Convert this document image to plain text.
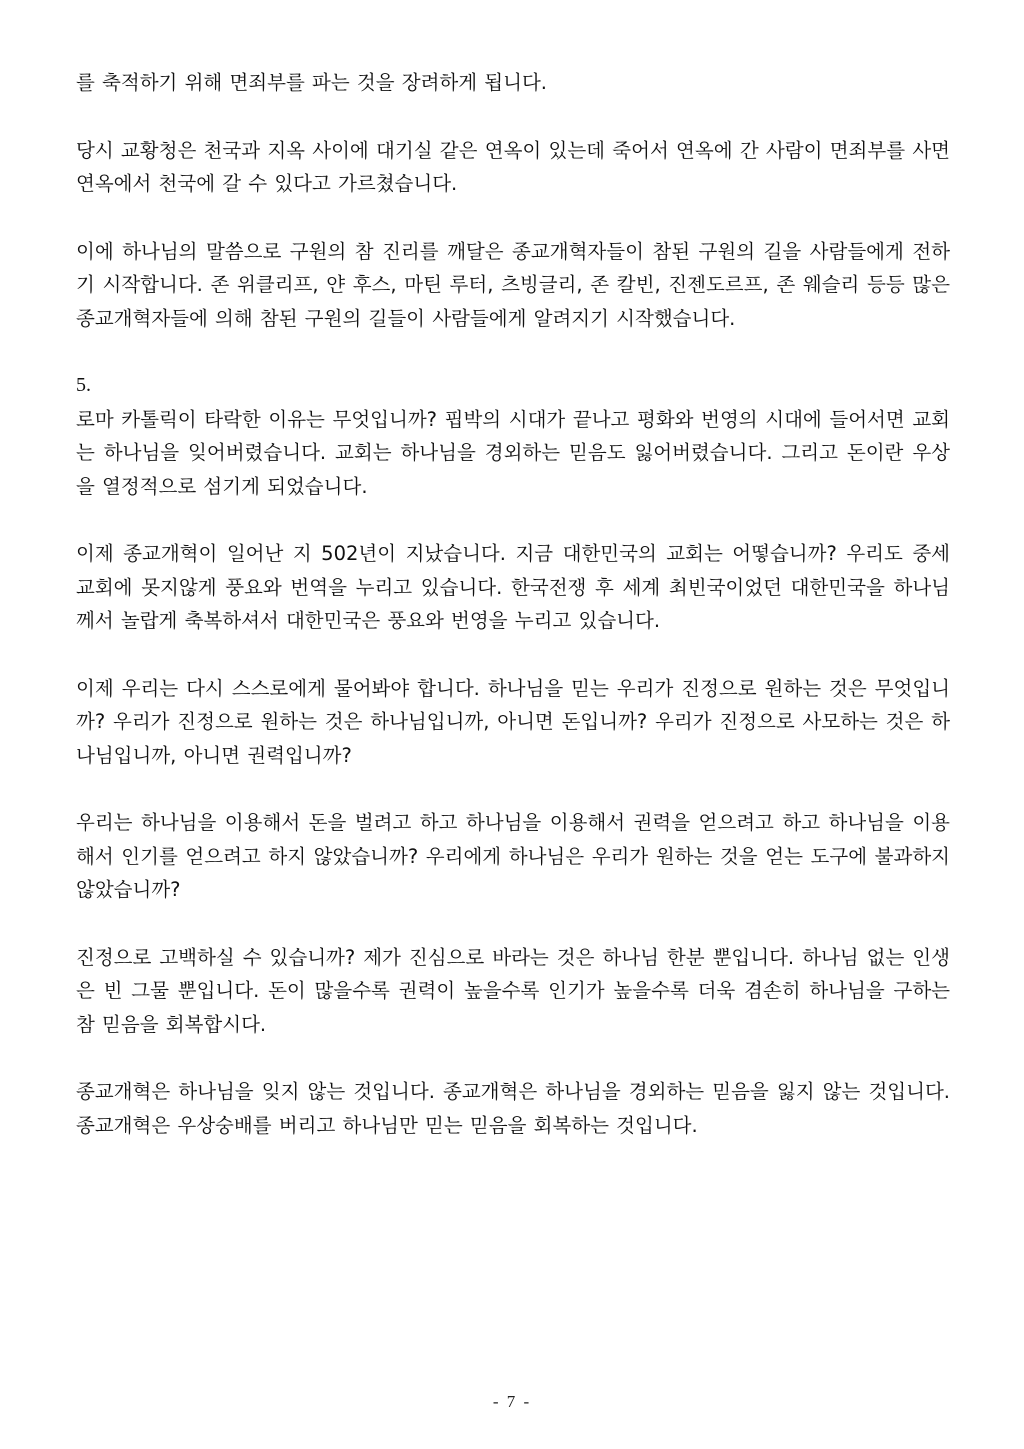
를 축적하기 위해 면죄부를 파는 것을 장려하게 됩니다.

당시 교황청은 천국과 지옥 사이에 대기실 같은 연옥이 있는데 죽어서 연옥에 간 사람이 면죄부를 사면 연옥에서 천국에 갈 수 있다고 가르쳤습니다.

이에 하나님의 말씀으로 구원의 참 진리를 깨달은 종교개혁자들이 참된 구원의 길을 사람들에게 전하기 시작합니다. 존 위클리프, 얀 후스, 마틴 루터, 츠빙글리, 존 칼빈, 진젠도르프, 존 웨슬리 등등 많은 종교개혁자들에 의해 참된 구원의 길들이 사람들에게 알려지기 시작했습니다.

5.

로마 카톨릭이 타락한 이유는 무엇입니까? 핍박의 시대가 끝나고 평화와 번영의 시대에 들어서면 교회는 하나님을 잊어버렸습니다. 교회는 하나님을 경외하는 믿음도 잃어버렸습니다. 그리고 돈이란 우상을 열정적으로 섬기게 되었습니다.

이제 종교개혁이 일어난 지 502년이 지났습니다. 지금 대한민국의 교회는 어떻습니까? 우리도 중세 교회에 못지않게 풍요와 번역을 누리고 있습니다. 한국전쟁 후 세계 최빈국이었던 대한민국을 하나님께서 놀랍게 축복하셔서 대한민국은 풍요와 번영을 누리고 있습니다.

이제 우리는 다시 스스로에게 물어봐야 합니다. 하나님을 믿는 우리가 진정으로 원하는 것은 무엇입니까? 우리가 진정으로 원하는 것은 하나님입니까, 아니면 돈입니까? 우리가 진정으로 사모하는 것은 하나님입니까, 아니면 권력입니까?

우리는 하나님을 이용해서 돈을 벌려고 하고 하나님을 이용해서 권력을 얻으려고 하고 하나님을 이용해서 인기를 얻으려고 하지 않았습니까? 우리에게 하나님은 우리가 원하는 것을 얻는 도구에 불과하지 않았습니까?

진정으로 고백하실 수 있습니까? 제가 진심으로 바라는 것은 하나님 한분 뿐입니다. 하나님 없는 인생은 빈 그물 뿐입니다. 돈이 많을수록 권력이 높을수록 인기가 높을수록 더욱 겸손히 하나님을 구하는 참 믿음을 회복합시다.

종교개혁은 하나님을 잊지 않는 것입니다. 종교개혁은 하나님을 경외하는 믿음을 잃지 않는 것입니다. 종교개혁은 우상숭배를 버리고 하나님만 믿는 믿음을 회복하는 것입니다.

- 7 -
